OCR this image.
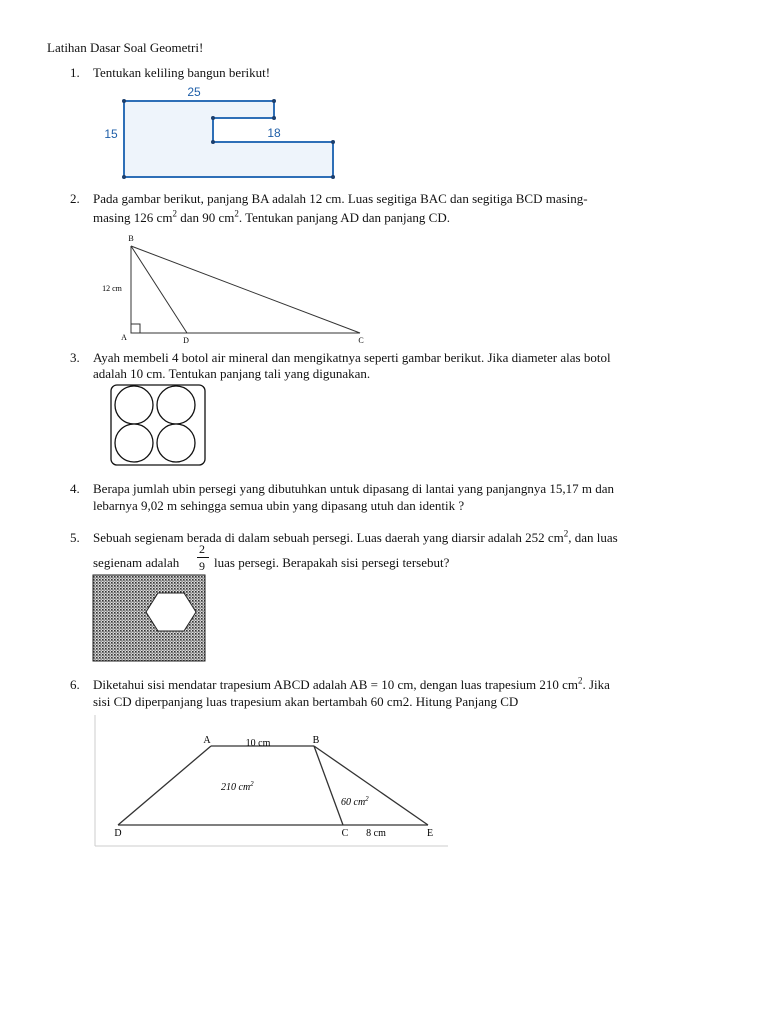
Latihan Dasar Soal Geometri!
1. Tentukan keliling bangun berikut!
25
15	18
2. Pada gambar berikut, panjang BA adalah 12 cm. Luas segitiga BAC dan segitiga BCD masing-
masing 126 $cm^2$ dan 90 $cm^2$. Tentukan panjang AD dan panjang CD.
B
A	D	C
12 cm
3. Ayah membeli 4 botol air mineral dan mengikatnya seperti gambar berikut. Jika diameter alas botol
adalah 10 cm. Tentukan panjang tali yang digunakan.
4. Berapa jumlah ubin persegi yang dibutuhkan untuk dipasang di lantai yang panjangnya 15,17 m dan
lebarnya 9,02 m sehingga semua ubin yang dipasang utuh dan identik ?
5. Sebuah segienam berada di dalam sebuah persegi. Luas daerah yang diarsir adalah 252 $cm^2$, dan luas
segienam adalah
2
9 luas persegi. Berapakah sisi persegi tersebut?
6. Diketahui sisi mendatar trapesium ABCD adalah AB = 10 cm, dengan luas trapesium 210 $cm^2$. Jika
sisi CD diperpanjang luas trapesium akan bertambah 60 cm2. Hitung Panjang CD
A	B
D	C	E
10 cm
8 cm
210 $cm^2$
60 $cm^2$
